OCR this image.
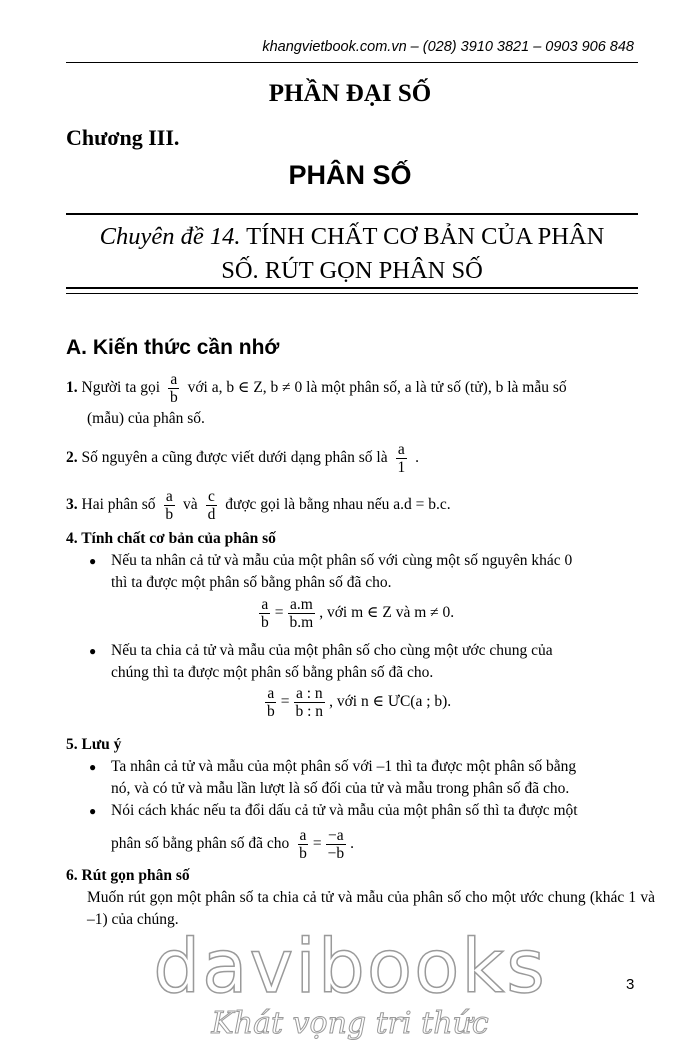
khangvietbook.com.vn – (028) 3910 3821 – 0903 906 848
PHẦN ĐẠI SỐ
Chương III.
PHÂN SỐ
Chuyên đề 14. TÍNH CHẤT CƠ BẢN CỦA PHÂN
SỐ. RÚT GỌN PHÂN SỐ
A. Kiến thức cần nhớ
1. Người ta gọi $\frac{a}{b}$ với a, b ∈ Z, b ≠ 0 là một phân số, a là tử số (tử), b là mẫu số
(mẫu) của phân số.
2. Số nguyên a cũng được viết dưới dạng phân số là $\frac{a}{1}$ .
3. Hai phân số $\frac{a}{b}$ và $\frac{c}{d}$ được gọi là bằng nhau nếu a.d = b.c.
4. Tính chất cơ bản của phân số
● Nếu ta nhân cả tử và mẫu của một phân số với cùng một số nguyên khác 0
thì ta được một phân số bằng phân số đã cho.
$\frac{a}{b} = \frac{a.m}{b.m}$ , với m ∈ Z và m ≠ 0.
● Nếu ta chia cả tử và mẫu của một phân số cho cùng một ước chung của
chúng thì ta được một phân số bằng phân số đã cho.
$\frac{a}{b} = \frac{a : n}{b : n}$ , với n ∈ ƯC(a ; b).
5. Lưu ý
● Ta nhân cả tử và mẫu của một phân số với –1 thì ta được một phân số bằng
nó, và có tử và mẫu lần lượt là số đối của tử và mẫu trong phân số đã cho.
● Nói cách khác nếu ta đổi dấu cả tử và mẫu của một phân số thì ta được một
phân số bằng phân số đã cho $\frac{a}{b} = \frac{-a}{-b}$ .
6. Rút gọn phân số
Muốn rút gọn một phân số ta chia cả tử và mẫu của phân số cho một ước chung (khác 1 và –1) của chúng.
davibooks
Khát vọng tri thức
3
